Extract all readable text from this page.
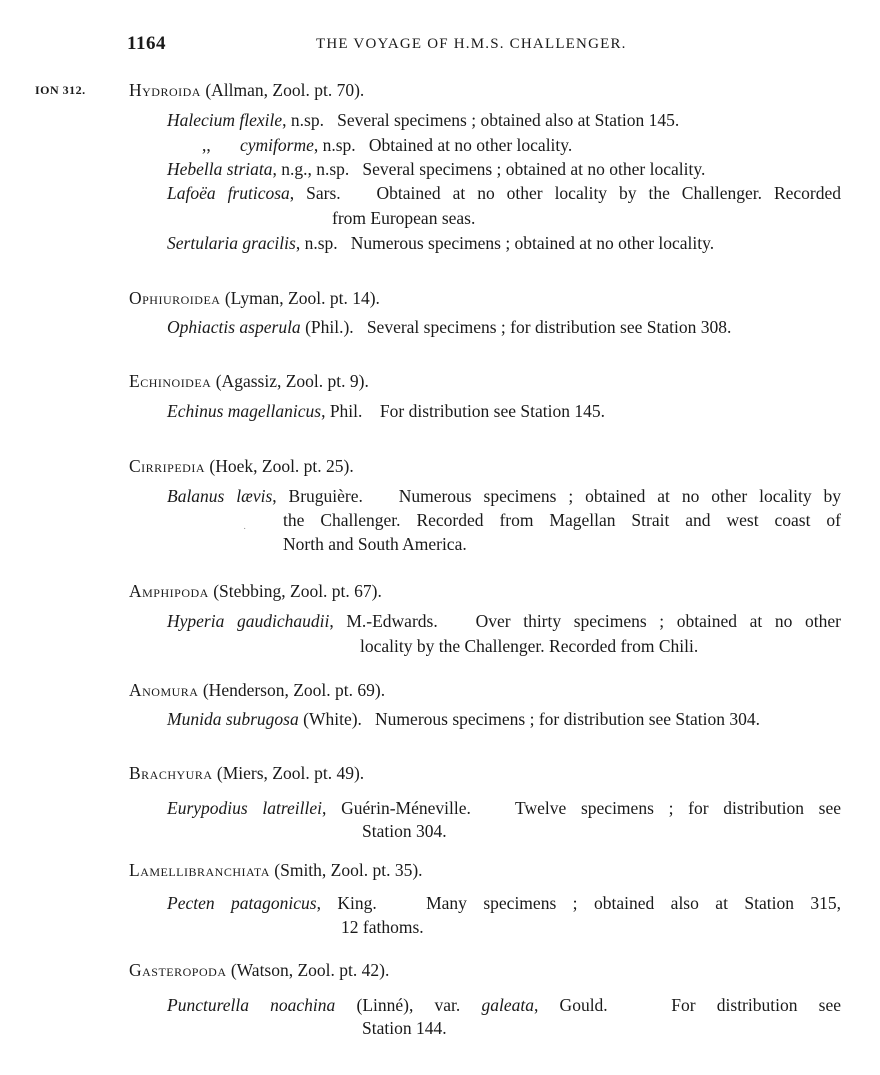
1164	THE VOYAGE OF H.M.S. CHALLENGER.
ION 312. Hydroida (Allman, Zool. pt. 70).
Halecium flexile, n.sp. Several specimens ; obtained also at Station 145.
,, cymiforme, n.sp. Obtained at no other locality.
Hebella striata, n.g., n.sp. Several specimens ; obtained at no other locality.
Lafoëa fruticosa, Sars. Obtained at no other locality by the Challenger. Recorded
from European seas.
Sertularia gracilis, n.sp. Numerous specimens ; obtained at no other locality.
Ophiuroidea (Lyman, Zool. pt. 14).
Ophiactis asperula (Phil.). Several specimens ; for distribution see Station 308.
Echinoidea (Agassiz, Zool. pt. 9).
Echinus magellanicus, Phil. For distribution see Station 145.
Cirripedia (Hoek, Zool. pt. 25).
Balanus lævis, Bruguière. Numerous specimens ; obtained at no other locality by
the Challenger. Recorded from Magellan Strait and west coast of
North and South America.
˙
Amphipoda (Stebbing, Zool. pt. 67).
Hyperia gaudichaudii, M.-Edwards. Over thirty specimens ; obtained at no other
locality by the Challenger. Recorded from Chili.
Anomura (Henderson, Zool. pt. 69).
Munida subrugosa (White). Numerous specimens ; for distribution see Station 304.
Brachyura (Miers, Zool. pt. 49).
Eurypodius latreillei, Guérin-Méneville.	Twelve specimens ; for distribution see
Station 304.
Lamellibranchiata (Smith, Zool. pt. 35).
Pecten patagonicus, King.	Many specimens ; obtained also at Station 315,
12 fathoms.
Gasteropoda (Watson, Zool. pt. 42).
Puncturella noachina (Linné), var. galeata, Gould.	For distribution see
Station 144.
